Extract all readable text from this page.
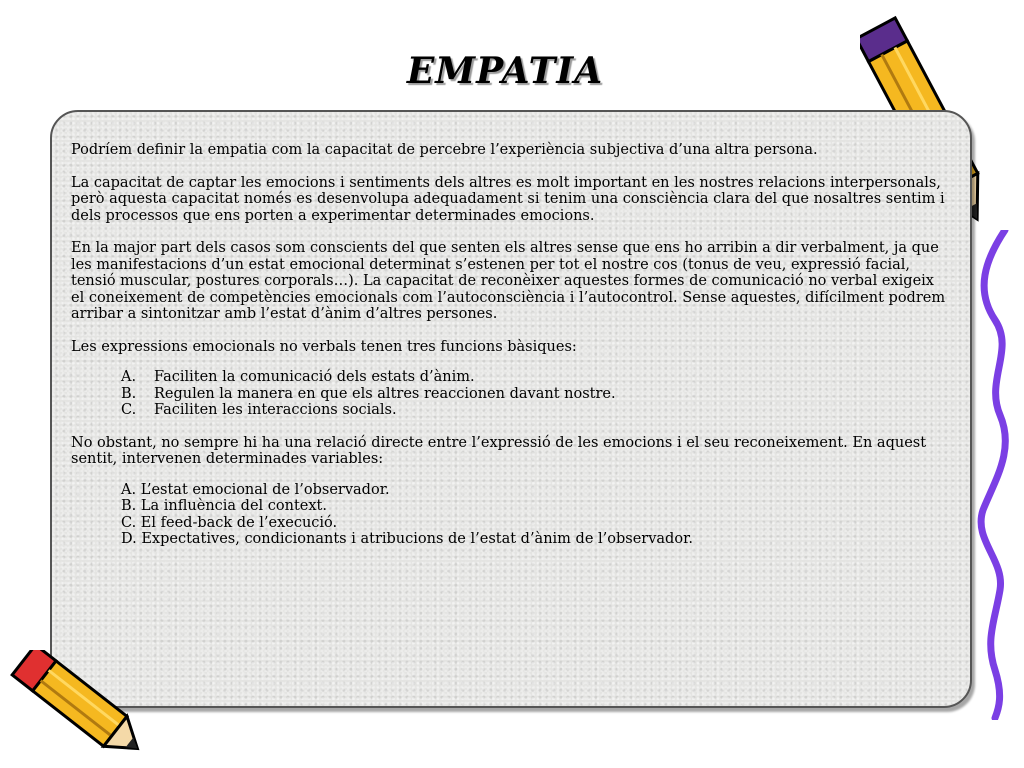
EMPATIA

Podríem definir la empatia com la capacitat de percebre l’experiència subjectiva d’una altra persona.

La capacitat de captar les emocions i sentiments dels altres es molt important en les nostres relacions interpersonals, però aquesta capacitat només es desenvolupa adequadament si tenim una consciència clara del que nosaltres sentim i dels processos que ens porten a experimentar determinades emocions.

En la major part dels casos som conscients del que senten els altres sense que ens ho arribin a dir verbalment, ja que les manifestacions d’un estat emocional determinat s’estenen per tot el nostre cos (tonus de veu, expressió facial, tensió muscular, postures corporals…). La capacitat de reconèixer aquestes formes de comunicació no verbal exigeix el coneixement de competències emocionals com l’autoconsciència i l’autocontrol. Sense aquestes, difícilment podrem arribar a sintonitzar amb l’estat d’ànim d’altres persones.

Les expressions emocionals no verbals tenen tres funcions bàsiques:

A.	Faciliten la comunicació dels estats d’ànim.
B.	Regulen la manera en que els altres reaccionen davant nostre.
C.	Faciliten les interaccions socials.

No obstant, no sempre hi ha una relació directe entre l’expressió de les emocions i el seu reconeixement. En aquest sentit, intervenen determinades variables:

A. L’estat emocional de l’observador.
B. La influència del context.
C. El feed-back de l’execució.
D. Expectatives, condicionants i atribucions de l’estat d’ànim de l’observador.
